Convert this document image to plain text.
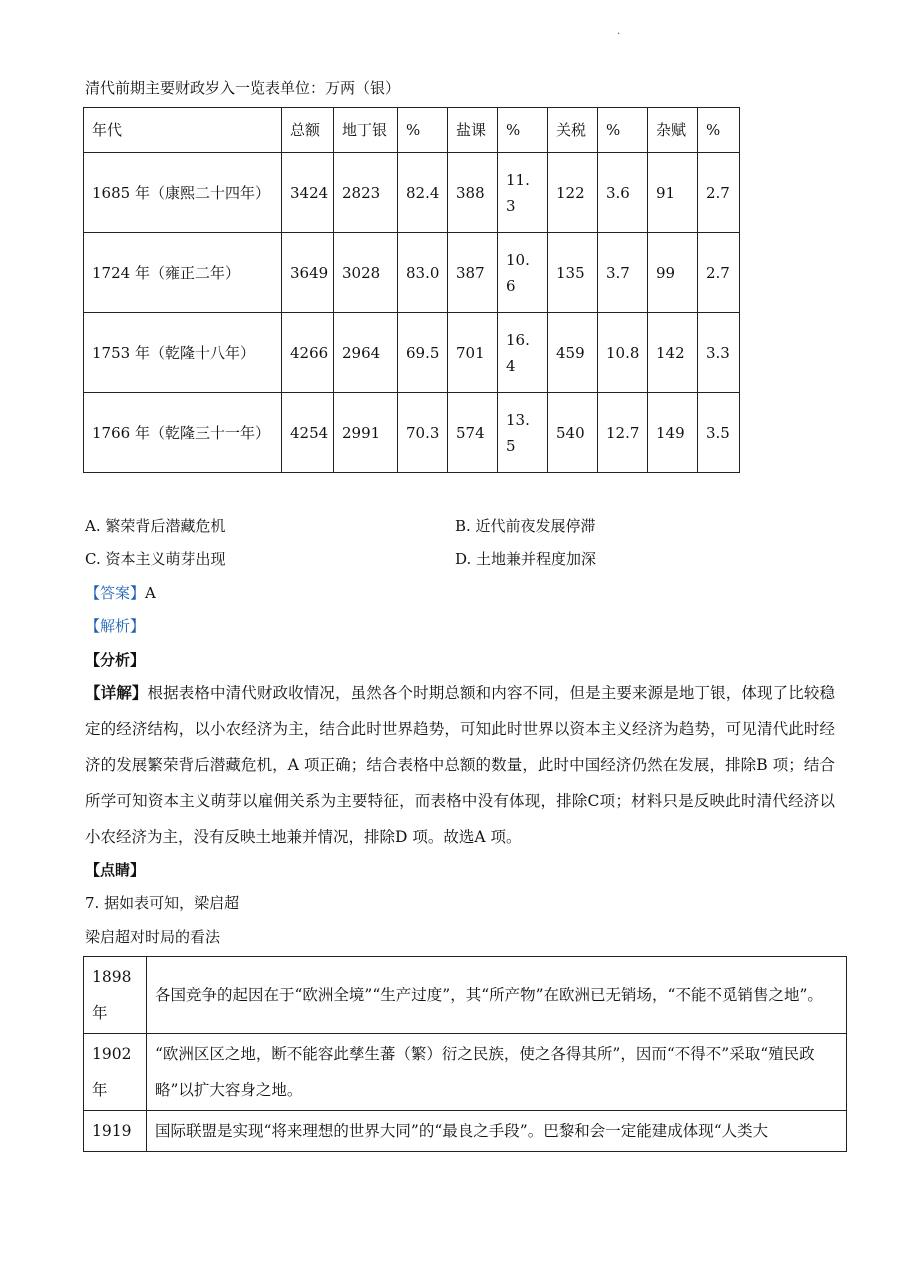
·
清代前期主要财政岁入一览表单位：万两（银）
年代	总额	地丁银	%	盐课	%	关税	%	杂赋	%
1685 年（康熙二十四年）	3424	2823	82.4	388	11.3	122	3.6	91	2.7
1724 年（雍正二年）	3649	3028	83.0	387	10.6	135	3.7	99	2.7
1753 年（乾隆十八年）	4266	2964	69.5	701	16.4	459	10.8	142	3.3
1766 年（乾隆三十一年）	4254	2991	70.3	574	13.5	540	12.7	149	3.5
A. 繁荣背后潜藏危机	B. 近代前夜发展停滞
C. 资本主义萌芽出现	D. 土地兼并程度加深
【答案】A
【解析】
【分析】
【详解】根据表格中清代财政收情况，虽然各个时期总额和内容不同，但是主要来源是地丁银，体现了比较稳定的经济结构，以小农经济为主，结合此时世界趋势，可知此时世界以资本主义经济为趋势，可见清代此时经济的发展繁荣背后潜藏危机，A 项正确；结合表格中总额的数量，此时中国经济仍然在发展，排除B 项；结合所学可知资本主义萌芽以雇佣关系为主要特征，而表格中没有体现，排除C项；材料只是反映此时清代经济以小农经济为主，没有反映土地兼并情况，排除D 项。故选A 项。
【点睛】
7. 据如表可知，梁启超
梁启超对时局的看法
1898 年	各国竞争的起因在于“欧洲全境”“生产过度”，其“所产物”在欧洲已无销场，“不能不觅销售之地”。
1902 年	“欧洲区区之地，断不能容此孳生蕃（繁）衍之民族，使之各得其所”，因而“不得不”采取“殖民政略”以扩大容身之地。
1919	国际联盟是实现“将来理想的世界大同”的“最良之手段”。巴黎和会一定能建成体现“人类大
